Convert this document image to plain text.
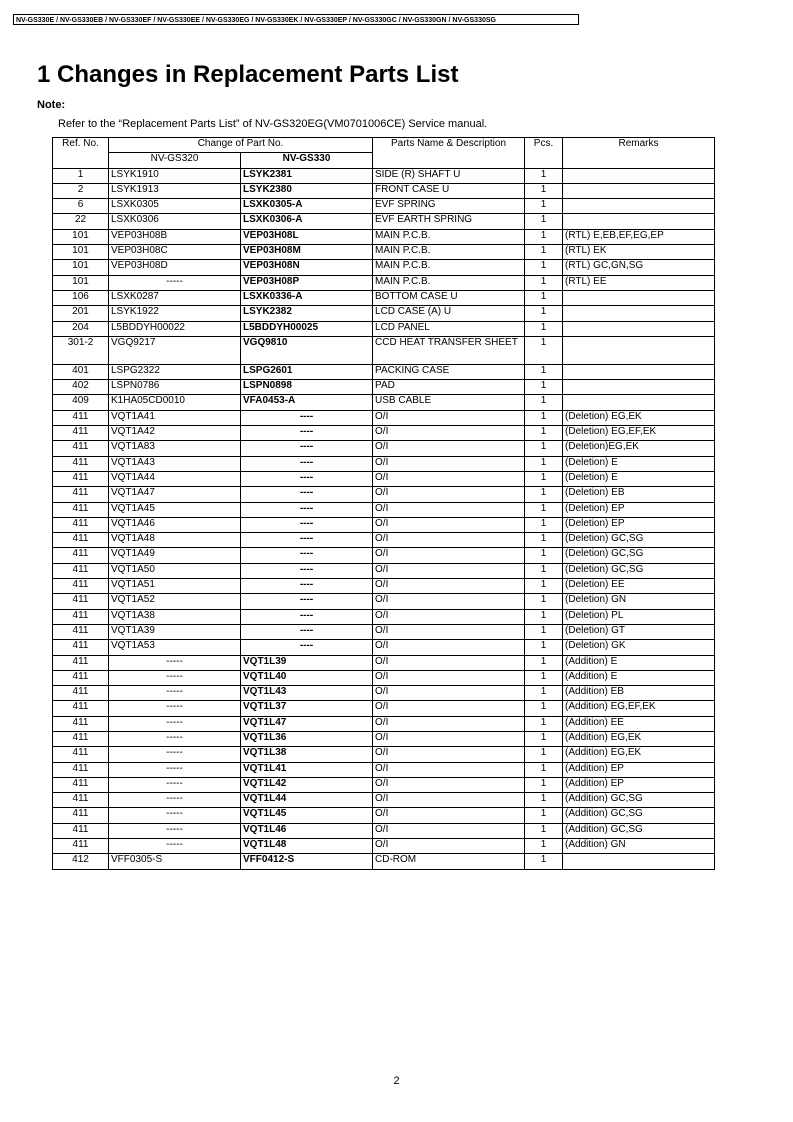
NV-GS330E / NV-GS330EB / NV-GS330EF / NV-GS330EE / NV-GS330EG / NV-GS330EK / NV-GS330EP / NV-GS330GC / NV-GS330GN / NV-GS330SG
1 Changes in Replacement Parts List
Note:
Refer to the “Replacement Parts List” of NV-GS320EG(VM0701006CE) Service manual.
Ref. No.	Change of Part No.		Parts Name & Description	Pcs.	Remarks
	NV-GS320	NV-GS330			
1	LSYK1910	LSYK2381	SIDE (R) SHAFT U	1	
2	LSYK1913	LSYK2380	FRONT CASE U	1	
6	LSXK0305	LSXK0305-A	EVF SPRING	1	
22	LSXK0306	LSXK0306-A	EVF EARTH SPRING	1	
101	VEP03H08B	VEP03H08L	MAIN P.C.B.	1	(RTL) E,EB,EF,EG,EP
101	VEP03H08C	VEP03H08M	MAIN P.C.B.	1	(RTL) EK
101	VEP03H08D	VEP03H08N	MAIN P.C.B.	1	(RTL) GC,GN,SG
101	-----	VEP03H08P	MAIN P.C.B.	1	(RTL) EE
106	LSXK0287	LSXK0336-A	BOTTOM CASE U	1	
201	LSYK1922	LSYK2382	LCD CASE (A) U	1	
204	L5BDDYH00022	L5BDDYH00025	LCD PANEL	1	
301-2	VGQ9217	VGQ9810	CCD HEAT TRANSFER SHEET	1	
401	LSPG2322	LSPG2601	PACKING CASE	1	
402	LSPN0786	LSPN0898	PAD	1	
409	K1HA05CD0010	VFA0453-A	USB CABLE	1	
411	VQT1A41	----	O/I	1	(Deletion) EG,EK
411	VQT1A42	----	O/I	1	(Deletion) EG,EF,EK
411	VQT1A83	----	O/I	1	(Deletion)EG,EK
411	VQT1A43	----	O/I	1	(Deletion) E
411	VQT1A44	----	O/I	1	(Deletion) E
411	VQT1A47	----	O/I	1	(Deletion) EB
411	VQT1A45	----	O/I	1	(Deletion) EP
411	VQT1A46	----	O/I	1	(Deletion) EP
411	VQT1A48	----	O/I	1	(Deletion) GC,SG
411	VQT1A49	----	O/I	1	(Deletion) GC,SG
411	VQT1A50	----	O/I	1	(Deletion) GC,SG
411	VQT1A51	----	O/I	1	(Deletion) EE
411	VQT1A52	----	O/I	1	(Deletion) GN
411	VQT1A38	----	O/I	1	(Deletion) PL
411	VQT1A39	----	O/I	1	(Deletion) GT
411	VQT1A53	----	O/I	1	(Deletion) GK
411	-----	VQT1L39	O/I	1	(Addition) E
411	-----	VQT1L40	O/I	1	(Addition) E
411	-----	VQT1L43	O/I	1	(Addition) EB
411	-----	VQT1L37	O/I	1	(Addition) EG,EF,EK
411	-----	VQT1L47	O/I	1	(Addition) EE
411	-----	VQT1L36	O/I	1	(Addition) EG,EK
411	-----	VQT1L38	O/I	1	(Addition) EG,EK
411	-----	VQT1L41	O/I	1	(Addition) EP
411	-----	VQT1L42	O/I	1	(Addition) EP
411	-----	VQT1L44	O/I	1	(Addition) GC,SG
411	-----	VQT1L45	O/I	1	(Addition) GC,SG
411	-----	VQT1L46	O/I	1	(Addition) GC,SG
411	-----	VQT1L48	O/I	1	(Addition) GN
412	VFF0305-S	VFF0412-S	CD-ROM	1	
2
